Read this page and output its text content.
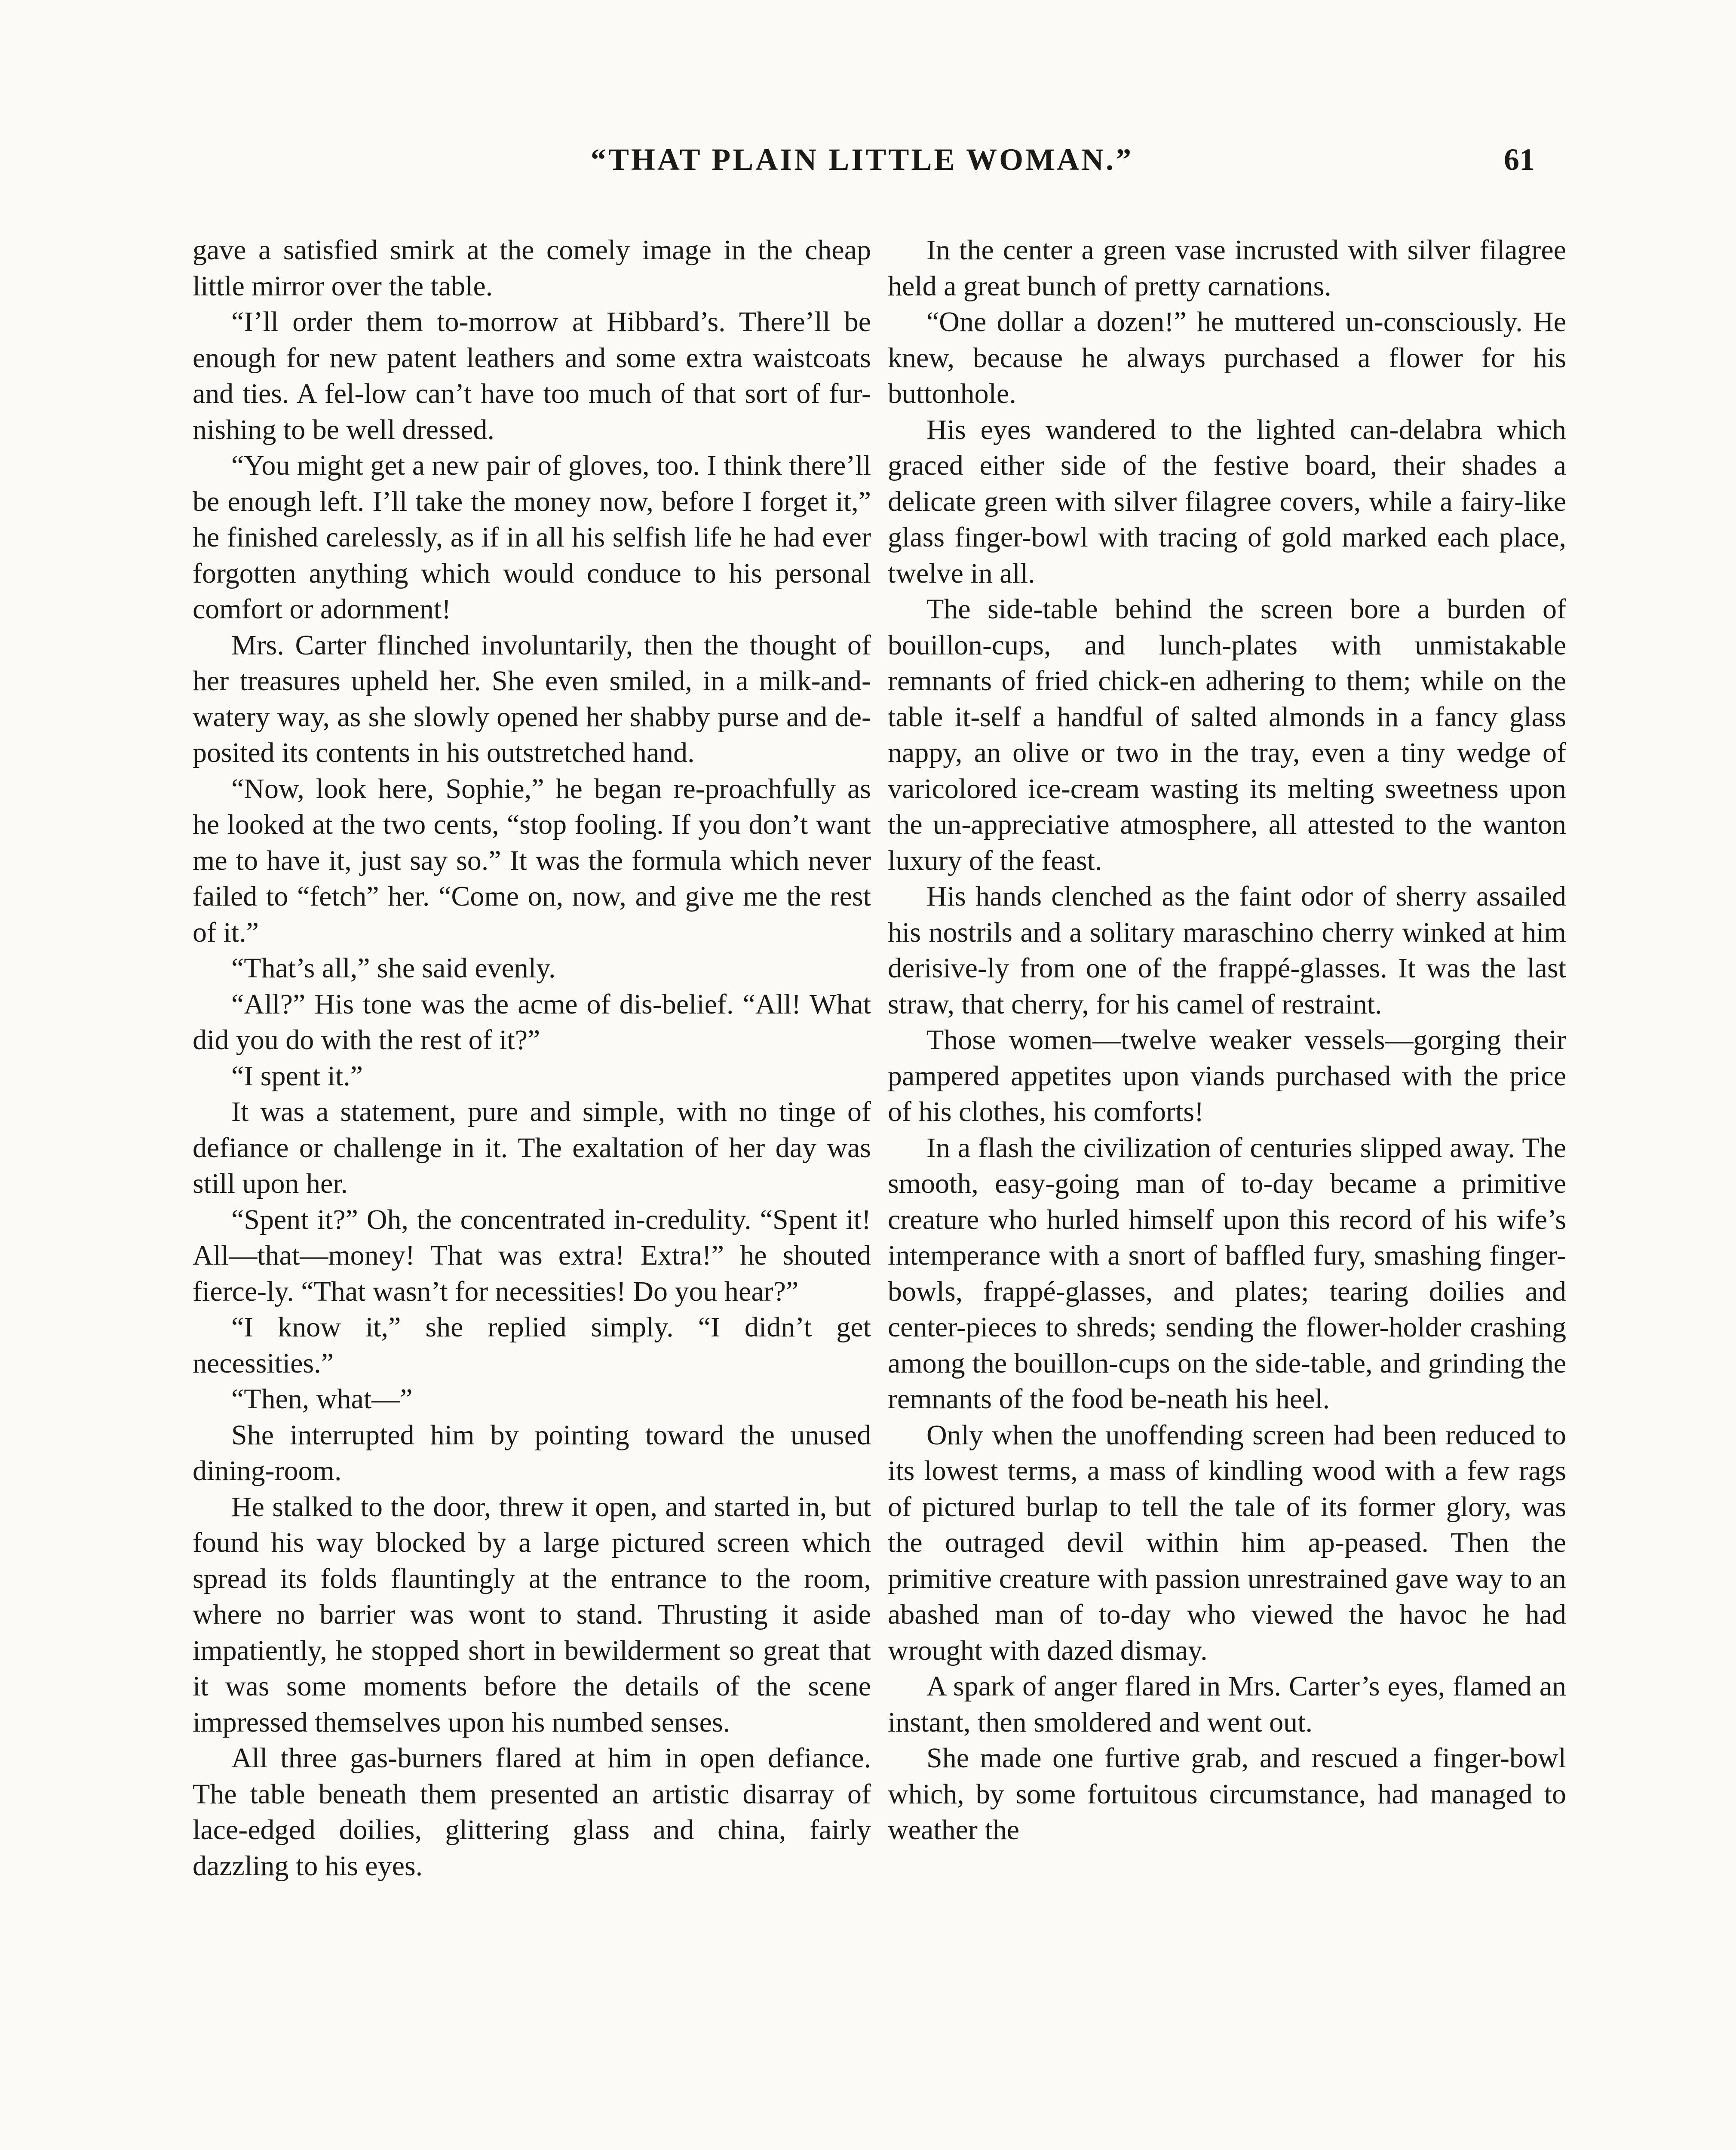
“THAT PLAIN LITTLE WOMAN.”	61

gave a satisfied smirk at the comely image in the cheap little mirror over the table.

“I’ll order them to-morrow at Hibbard’s. There’ll be enough for new patent leathers and some extra waistcoats and ties. A fel-low can’t have too much of that sort of fur-nishing to be well dressed.

“You might get a new pair of gloves, too. I think there’ll be enough left. I’ll take the money now, before I forget it,” he finished carelessly, as if in all his selfish life he had ever forgotten anything which would conduce to his personal comfort or adornment!

Mrs. Carter flinched involuntarily, then the thought of her treasures upheld her. She even smiled, in a milk-and-watery way, as she slowly opened her shabby purse and de-posited its contents in his outstretched hand.

“Now, look here, Sophie,” he began re-proachfully as he looked at the two cents, “stop fooling. If you don’t want me to have it, just say so.” It was the formula which never failed to “fetch” her. “Come on, now, and give me the rest of it.”

“That’s all,” she said evenly.

“All?” His tone was the acme of dis-belief. “All! What did you do with the rest of it?”

“I spent it.”

It was a statement, pure and simple, with no tinge of defiance or challenge in it. The exaltation of her day was still upon her.

“Spent it?” Oh, the concentrated in-credulity. “Spent it! All—that—money! That was extra! Extra!” he shouted fierce-ly. “That wasn’t for necessities! Do you hear?”

“I know it,” she replied simply. “I didn’t get necessities.”

“Then, what—”

She interrupted him by pointing toward the unused dining-room.

He stalked to the door, threw it open, and started in, but found his way blocked by a large pictured screen which spread its folds flauntingly at the entrance to the room, where no barrier was wont to stand. Thrusting it aside impatiently, he stopped short in bewilderment so great that it was some moments before the details of the scene impressed themselves upon his numbed senses.

All three gas-burners flared at him in open defiance. The table beneath them presented an artistic disarray of lace-edged doilies, glittering glass and china, fairly dazzling to his eyes.

In the center a green vase incrusted with silver filagree held a great bunch of pretty carnations.

“One dollar a dozen!” he muttered un-consciously. He knew, because he always purchased a flower for his buttonhole.

His eyes wandered to the lighted can-delabra which graced either side of the festive board, their shades a delicate green with silver filagree covers, while a fairy-like glass finger-bowl with tracing of gold marked each place, twelve in all.

The side-table behind the screen bore a burden of bouillon-cups, and lunch-plates with unmistakable remnants of fried chick-en adhering to them; while on the table it-self a handful of salted almonds in a fancy glass nappy, an olive or two in the tray, even a tiny wedge of varicolored ice-cream wasting its melting sweetness upon the un-appreciative atmosphere, all attested to the wanton luxury of the feast.

His hands clenched as the faint odor of sherry assailed his nostrils and a solitary maraschino cherry winked at him derisive-ly from one of the frappé-glasses. It was the last straw, that cherry, for his camel of restraint.

Those women—twelve weaker vessels—gorging their pampered appetites upon viands purchased with the price of his clothes, his comforts!

In a flash the civilization of centuries slipped away. The smooth, easy-going man of to-day became a primitive creature who hurled himself upon this record of his wife’s intemperance with a snort of baffled fury, smashing finger-bowls, frappé-glasses, and plates; tearing doilies and center-pieces to shreds; sending the flower-holder crashing among the bouillon-cups on the side-table, and grinding the remnants of the food be-neath his heel.

Only when the unoffending screen had been reduced to its lowest terms, a mass of kindling wood with a few rags of pictured burlap to tell the tale of its former glory, was the outraged devil within him ap-peased. Then the primitive creature with passion unrestrained gave way to an abashed man of to-day who viewed the havoc he had wrought with dazed dismay.

A spark of anger flared in Mrs. Carter’s eyes, flamed an instant, then smoldered and went out.

She made one furtive grab, and rescued a finger-bowl which, by some fortuitous circumstance, had managed to weather the
